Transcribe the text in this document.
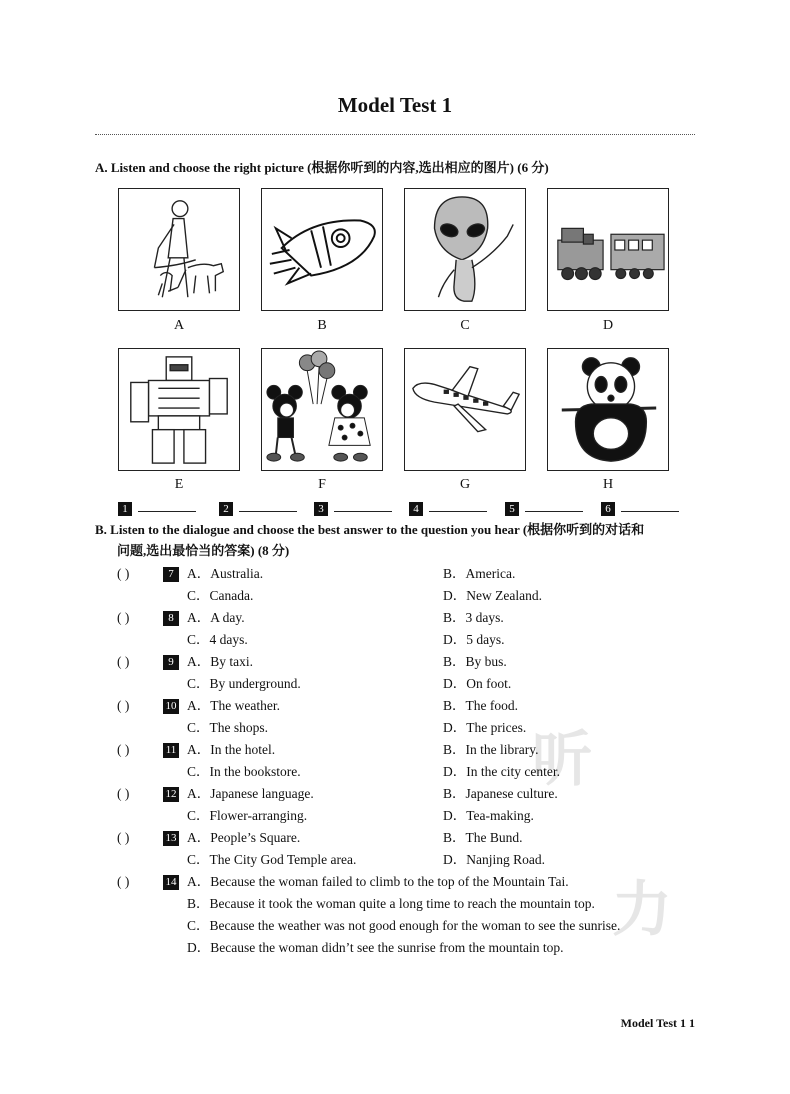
Model Test 1
听
力
A. Listen and choose the right picture (根据你听到的内容,选出相应的图片) (6 分)
A	B	C	D
E	F	G	H
1	2	3	4	5	6
B. Listen to the dialogue and choose the best answer to the question you hear (根据你听到的对话和
问题,选出最恰当的答案) (8 分)
( )	7 A．Australia.	B．America.
C．Canada.	D．New Zealand.
( )	8 A．A day.	B．3 days.
C．4 days.	D．5 days.
( )	9 A．By taxi.	B．By bus.
C．By underground.	D．On foot.
( )	10 A．The weather.	B．The food.
C．The shops.	D．The prices.
( )	11 A．In the hotel.	B．In the library.
C．In the bookstore.	D．In the city center.
( )	12 A．Japanese language.	B．Japanese culture.
C．Flower-arranging.	D．Tea-making.
( )	13 A．People’s Square.	B．The Bund.
C．The City God Temple area.	D．Nanjing Road.
( )	14 A．Because the woman failed to climb to the top of the Mountain Tai.
B．Because it took the woman quite a long time to reach the mountain top.
C．Because the weather was not good enough for the woman to see the sunrise.
D．Because the woman didn’t see the sunrise from the mountain top.
Model Test 1 1
